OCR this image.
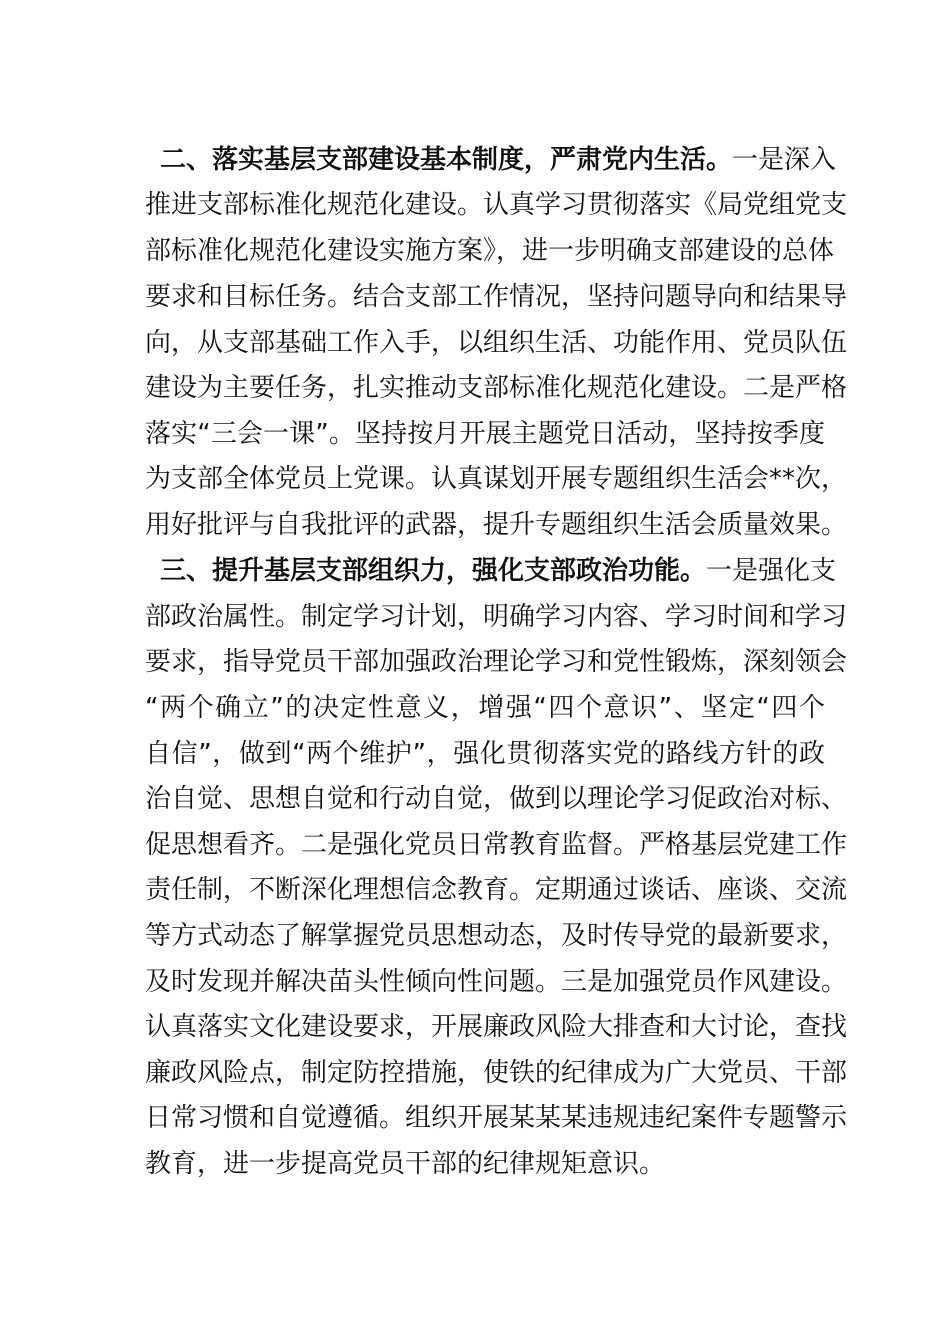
二、落实基层支部建设基本制度，严肃党内生活。一是深入
推进支部标准化规范化建设。认真学习贯彻落实《局党组党支
部标准化规范化建设实施方案》，进一步明确支部建设的总体
要求和目标任务。结合支部工作情况，坚持问题导向和结果导
向，从支部基础工作入手，以组织生活、功能作用、党员队伍
建设为主要任务，扎实推动支部标准化规范化建设。二是严格
落实“三会一课”。坚持按月开展主题党日活动，坚持按季度
为支部全体党员上党课。认真谋划开展专题组织生活会**次，
用好批评与自我批评的武器，提升专题组织生活会质量效果。
三、提升基层支部组织力，强化支部政治功能。一是强化支
部政治属性。制定学习计划，明确学习内容、学习时间和学习
要求，指导党员干部加强政治理论学习和党性锻炼，深刻领会
“两个确立”的决定性意义，增强“四个意识”、坚定“四个
自信”，做到“两个维护”，强化贯彻落实党的路线方针的政
治自觉、思想自觉和行动自觉，做到以理论学习促政治对标、
促思想看齐。二是强化党员日常教育监督。严格基层党建工作
责任制，不断深化理想信念教育。定期通过谈话、座谈、交流
等方式动态了解掌握党员思想动态，及时传导党的最新要求，
及时发现并解决苗头性倾向性问题。三是加强党员作风建设。
认真落实文化建设要求，开展廉政风险大排查和大讨论，查找
廉政风险点，制定防控措施，使铁的纪律成为广大党员、干部
日常习惯和自觉遵循。组织开展某某某违规违纪案件专题警示
教育，进一步提高党员干部的纪律规矩意识。
